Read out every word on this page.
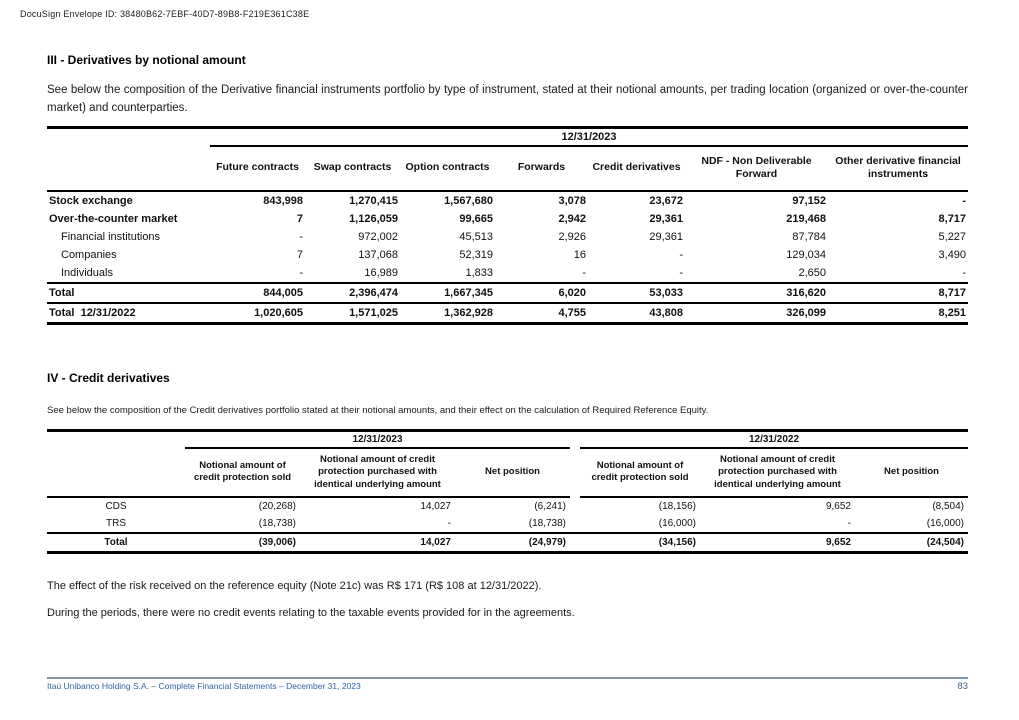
DocuSign Envelope ID: 38480B62-7EBF-40D7-89B8-F219E361C38E
III - Derivatives by notional amount

See below the composition of the Derivative financial instruments portfolio by type of instrument, stated at their notional amounts, per trading location (organized or over-the-counter market) and counterparties.

	12/31/2023						
	Future contracts	Swap contracts	Option contracts	Forwards	Credit derivatives	NDF - Non Deliverable Forward	Other derivative financial instruments
Stock exchange	843,998	1,270,415	1,567,680	3,078	23,672	97,152	-
Over-the-counter market	7	1,126,059	99,665	2,942	29,361	219,468	8,717
Financial institutions	-	972,002	45,513	2,926	29,361	87,784	5,227
Companies	7	137,068	52,319	16	-	129,034	3,490
Individuals	-	16,989	1,833	-	-	2,650	-
Total	844,005	2,396,474	1,667,345	6,020	53,033	316,620	8,717
Total  12/31/2022	1,020,605	1,571,025	1,362,928	4,755	43,808	326,099	8,251
IV - Credit derivatives

See below the composition of the Credit derivatives portfolio stated at their notional amounts, and their effect on the calculation of Required Reference Equity.

	12/31/2023				12/31/2022		
	Notional amount of credit protection sold	Notional amount of credit protection purchased with identical underlying amount	Net position		Notional amount of credit protection sold	Notional amount of credit protection purchased with identical underlying amount	Net position
CDS	(20,268)	14,027	(6,241)		(18,156)	9,652	(8,504)
TRS	(18,738)	-	(18,738)		(16,000)	-	(16,000)
Total	(39,006)	14,027	(24,979)		(34,156)	9,652	(24,504)

The effect of the risk received on the reference equity (Note 21c) was R$ 171 (R$ 108 at 12/31/2022).

During the periods, there were no credit events relating to the taxable events provided for in the agreements.

Itaú Unibanco Holding S.A. – Complete Financial Statements – December 31, 2023	83
